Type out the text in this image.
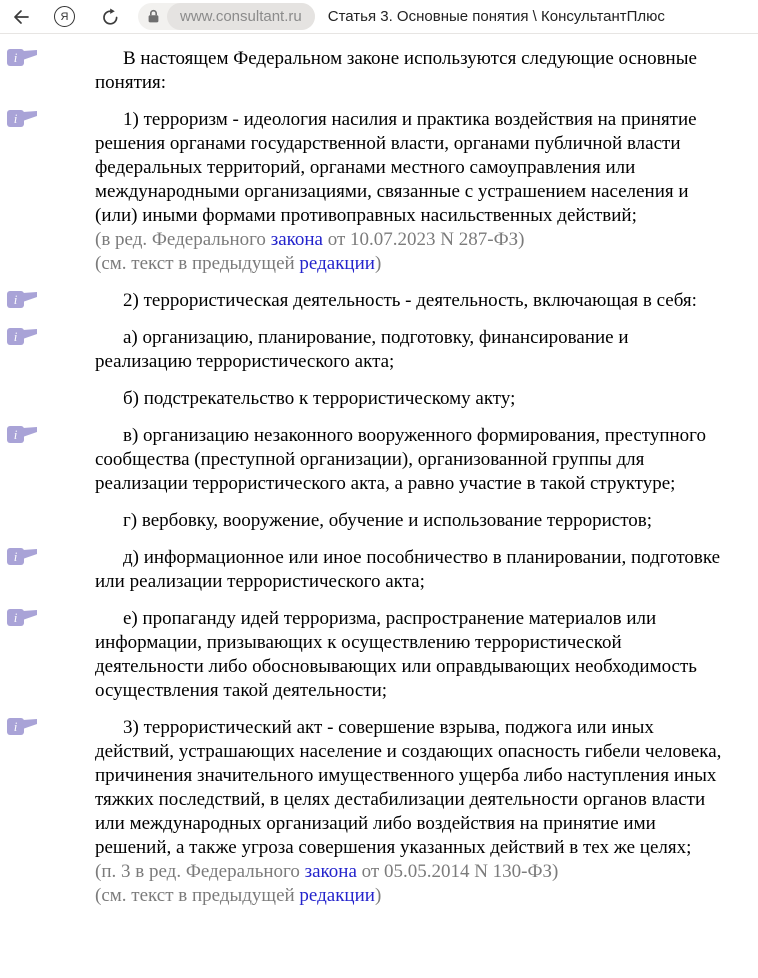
Я	www.consultant.ru	Статья 3. Основные понятия \ КонсультантПлюс
i	В настоящем Федеральном законе используются следующие основные понятия:

i	1) терроризм - идеология насилия и практика воздействия на принятие решения органами государственной власти, органами публичной власти федеральных территорий, органами местного самоуправления или международными организациями, связанные с устрашением населения и (или) иными формами противоправных насильственных действий;

(в ред. Федерального закона от 10.07.2023 N 287-ФЗ)
(см. текст в предыдущей редакции)
i	2) террористическая деятельность - деятельность, включающая в себя:

i	а) организацию, планирование, подготовку, финансирование и реализацию террористического акта;

б) подстрекательство к террористическому акту;

i	в) организацию незаконного вооруженного формирования, преступного сообщества (преступной организации), организованной группы для реализации террористического акта, а равно участие в такой структуре;

г) вербовку, вооружение, обучение и использование террористов;

i	д) информационное или иное пособничество в планировании, подготовке или реализации террористического акта;

i	е) пропаганду идей терроризма, распространение материалов или информации, призывающих к осуществлению террористической деятельности либо обосновывающих или оправдывающих необходимость осуществления такой деятельности;

i	3) террористический акт - совершение взрыва, поджога или иных действий, устрашающих население и создающих опасность гибели человека, причинения значительного имущественного ущерба либо наступления иных тяжких последствий, в целях дестабилизации деятельности органов власти или международных организаций либо воздействия на принятие ими решений, а также угроза совершения указанных действий в тех же целях;

(п. 3 в ред. Федерального закона от 05.05.2014 N 130-ФЗ)
(см. текст в предыдущей редакции)
